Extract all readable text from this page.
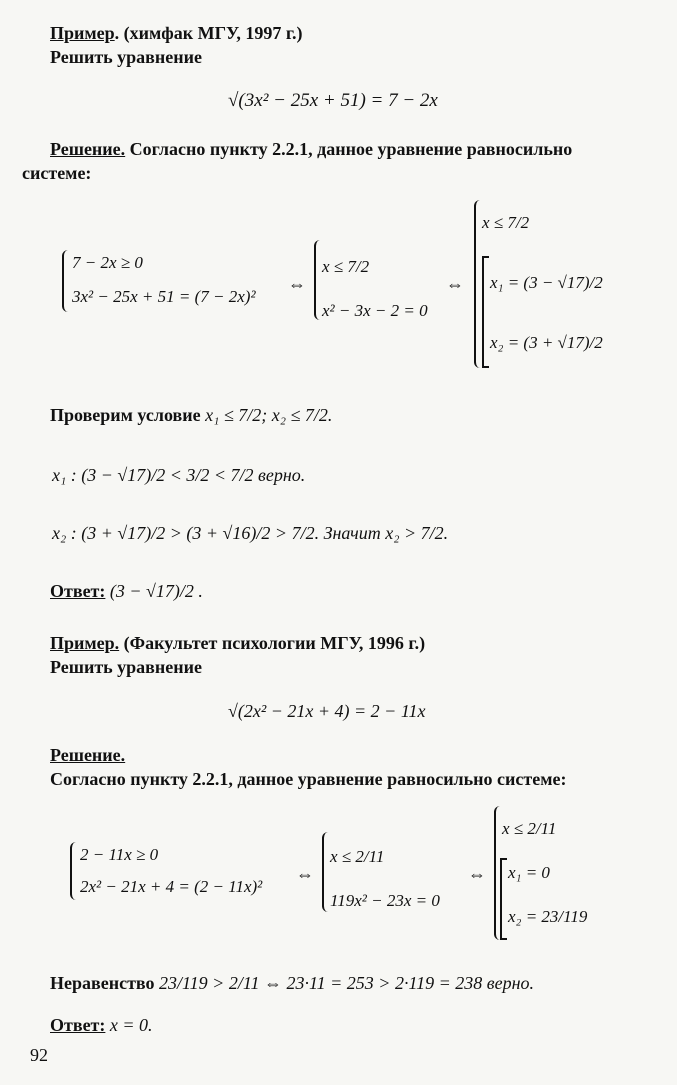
Пример. (химфак МГУ, 1997 г.)
Решить уравнение
√(3x² − 25x + 51) = 7 − 2x
Решение. Согласно пункту 2.2.1, данное уравнение равносильно
системе:
7 − 2x ≥ 0
3x² − 25x + 51 = (7 − 2x)²
⇔
x ≤ 7/2
x² − 3x − 2 = 0
⇔
x ≤ 7/2
x₁ = (3 − √17)/2
x₂ = (3 + √17)/2
Проверим условие x₁ ≤ 7/2; x₂ ≤ 7/2.
x₁ : (3 − √17)/2 < 3/2 < 7/2 верно.
x₂ : (3 + √17)/2 > (3 + √16)/2 > 7/2. Значит x₂ > 7/2.
Ответ: (3 − √17)/2 .
Пример. (Факультет психологии МГУ, 1996 г.)
Решить уравнение
√(2x² − 21x + 4) = 2 − 11x
Решение.
Согласно пункту 2.2.1, данное уравнение равносильно системе:
2 − 11x ≥ 0
2x² − 21x + 4 = (2 − 11x)²
⇔
x ≤ 2/11
119x² − 23x = 0
⇔
x ≤ 2/11
x₁ = 0
x₂ = 23/119
Неравенство 23/119 > 2/11 ⇔ 23·11 = 253 > 2·119 = 238 верно.
Ответ: x = 0.
92
